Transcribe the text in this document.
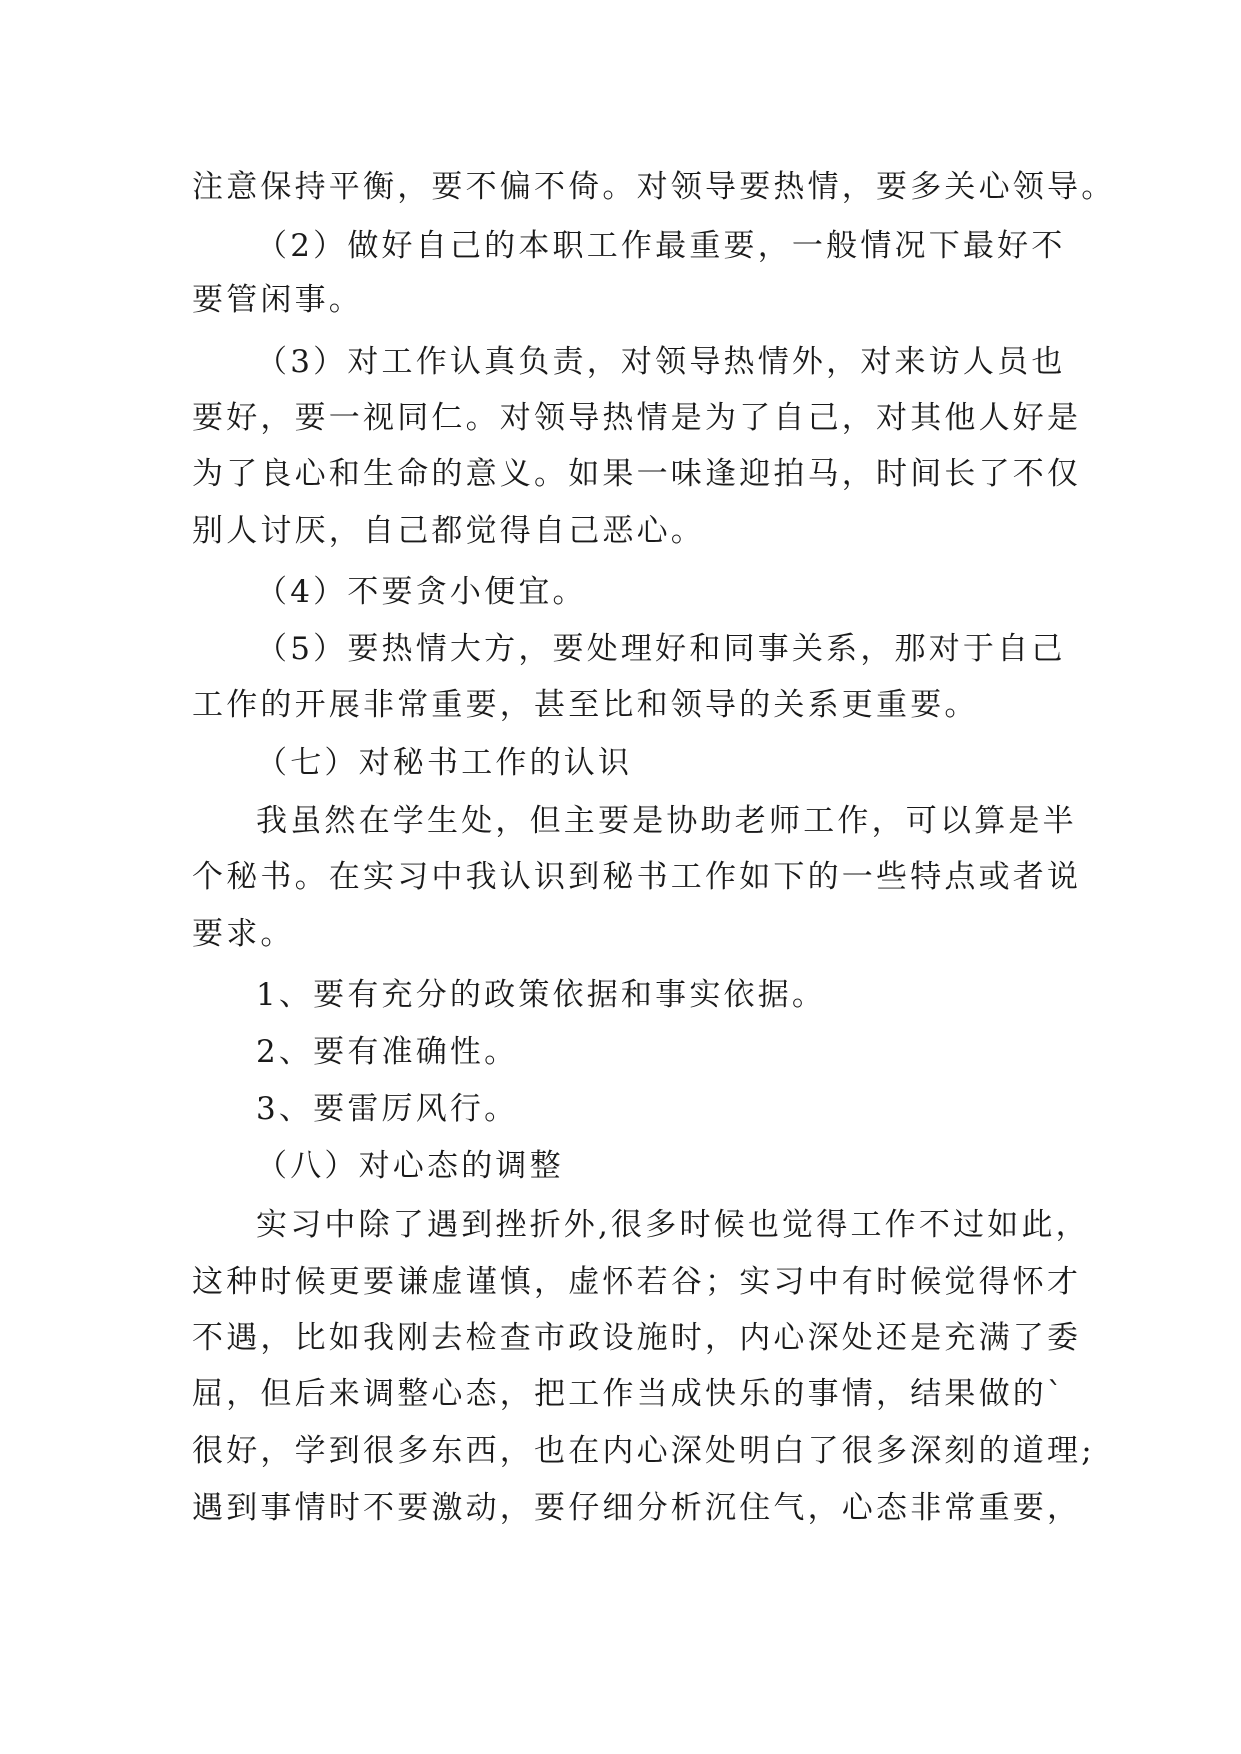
注意保持平衡，要不偏不倚。对领导要热情，要多关心领导。
（2）做好自己的本职工作最重要，一般情况下最好不
要管闲事。
（3）对工作认真负责，对领导热情外，对来访人员也
要好，要一视同仁。对领导热情是为了自己，对其他人好是
为了良心和生命的意义。如果一味逢迎拍马，时间长了不仅
别人讨厌，自己都觉得自己恶心。
（4）不要贪小便宜。
（5）要热情大方，要处理好和同事关系，那对于自己
工作的开展非常重要，甚至比和领导的关系更重要。
（七）对秘书工作的认识
我虽然在学生处，但主要是协助老师工作，可以算是半
个秘书。在实习中我认识到秘书工作如下的一些特点或者说
要求。
1、要有充分的政策依据和事实依据。
2、要有准确性。
3、要雷厉风行。
（八）对心态的调整
实习中除了遇到挫折外,很多时候也觉得工作不过如此，
这种时候更要谦虚谨慎，虚怀若谷；实习中有时候觉得怀才
不遇，比如我刚去检查市政设施时，内心深处还是充满了委
屈，但后来调整心态，把工作当成快乐的事情，结果做的`
很好，学到很多东西，也在内心深处明白了很多深刻的道理;
遇到事情时不要激动，要仔细分析沉住气，心态非常重要，
